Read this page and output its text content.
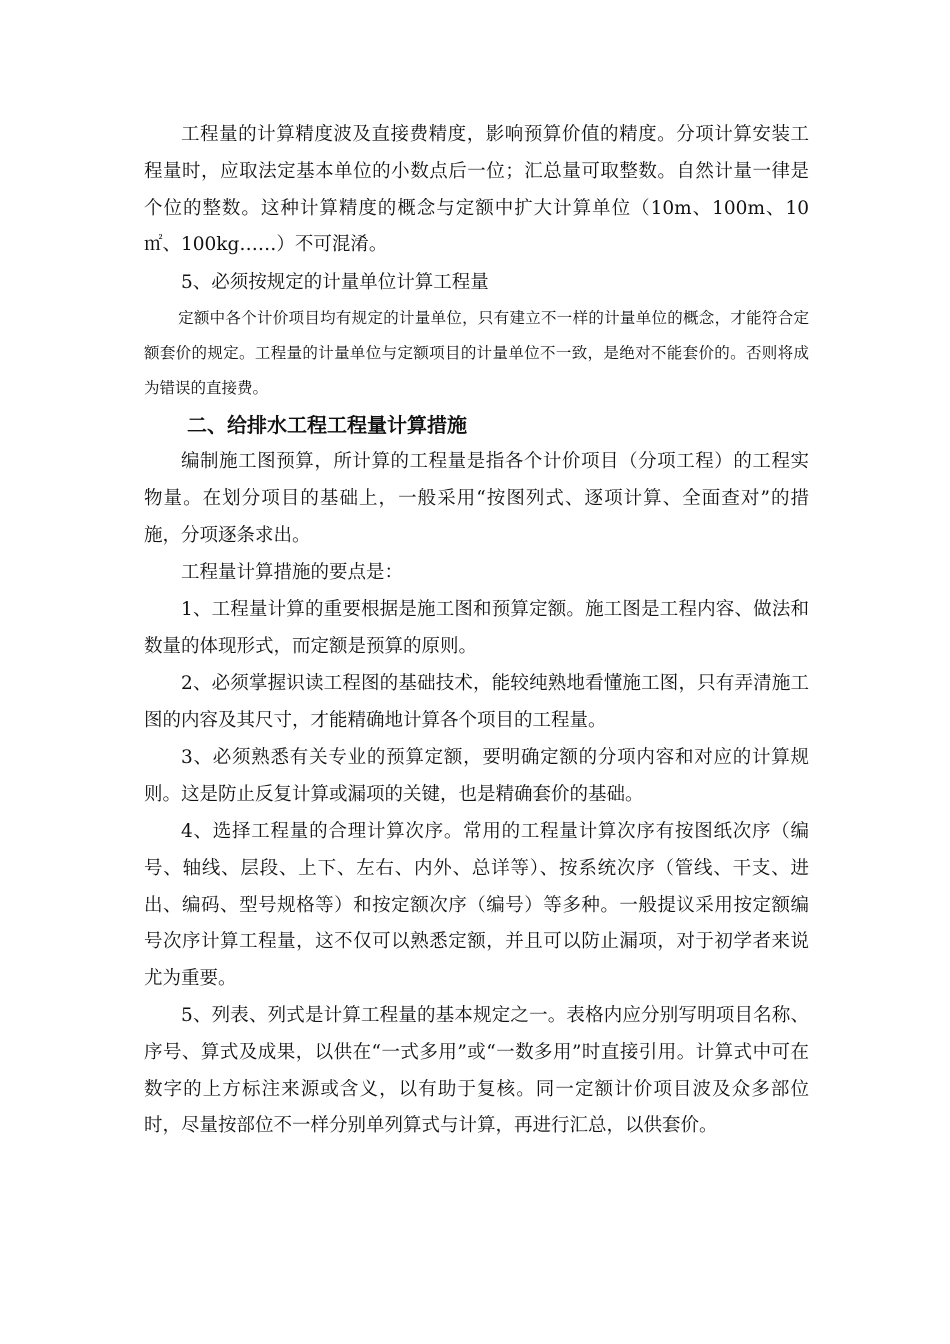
工程量的计算精度波及直接费精度，影响预算价值的精度。分项计算安装工程量时，应取法定基本单位的小数点后一位；汇总量可取整数。自然计量一律是个位的整数。这种计算精度的概念与定额中扩大计算单位（10m、100m、10㎡、100kg……）不可混淆。

5、必须按规定的计量单位计算工程量

定额中各个计价项目均有规定的计量单位，只有建立不一样的计量单位的概念，才能符合定额套价的规定。工程量的计量单位与定额项目的计量单位不一致，是绝对不能套价的。否则将成为错误的直接费。

二、给排水工程工程量计算措施

编制施工图预算，所计算的工程量是指各个计价项目（分项工程）的工程实物量。在划分项目的基础上，一般采用“按图列式、逐项计算、全面查对”的措施，分项逐条求出。

工程量计算措施的要点是：

1、工程量计算的重要根据是施工图和预算定额。施工图是工程内容、做法和数量的体现形式，而定额是预算的原则。

2、必须掌握识读工程图的基础技术，能较纯熟地看懂施工图，只有弄清施工图的内容及其尺寸，才能精确地计算各个项目的工程量。

3、必须熟悉有关专业的预算定额，要明确定额的分项内容和对应的计算规则。这是防止反复计算或漏项的关键，也是精确套价的基础。

4、选择工程量的合理计算次序。常用的工程量计算次序有按图纸次序（编号、轴线、层段、上下、左右、内外、总详等）、按系统次序（管线、干支、进出、编码、型号规格等）和按定额次序（编号）等多种。一般提议采用按定额编号次序计算工程量，这不仅可以熟悉定额，并且可以防止漏项，对于初学者来说尤为重要。

5、列表、列式是计算工程量的基本规定之一。表格内应分别写明项目名称、序号、算式及成果，以供在“一式多用”或“一数多用”时直接引用。计算式中可在数字的上方标注来源或含义，以有助于复核。同一定额计价项目波及众多部位时，尽量按部位不一样分别单列算式与计算，再进行汇总，以供套价。
